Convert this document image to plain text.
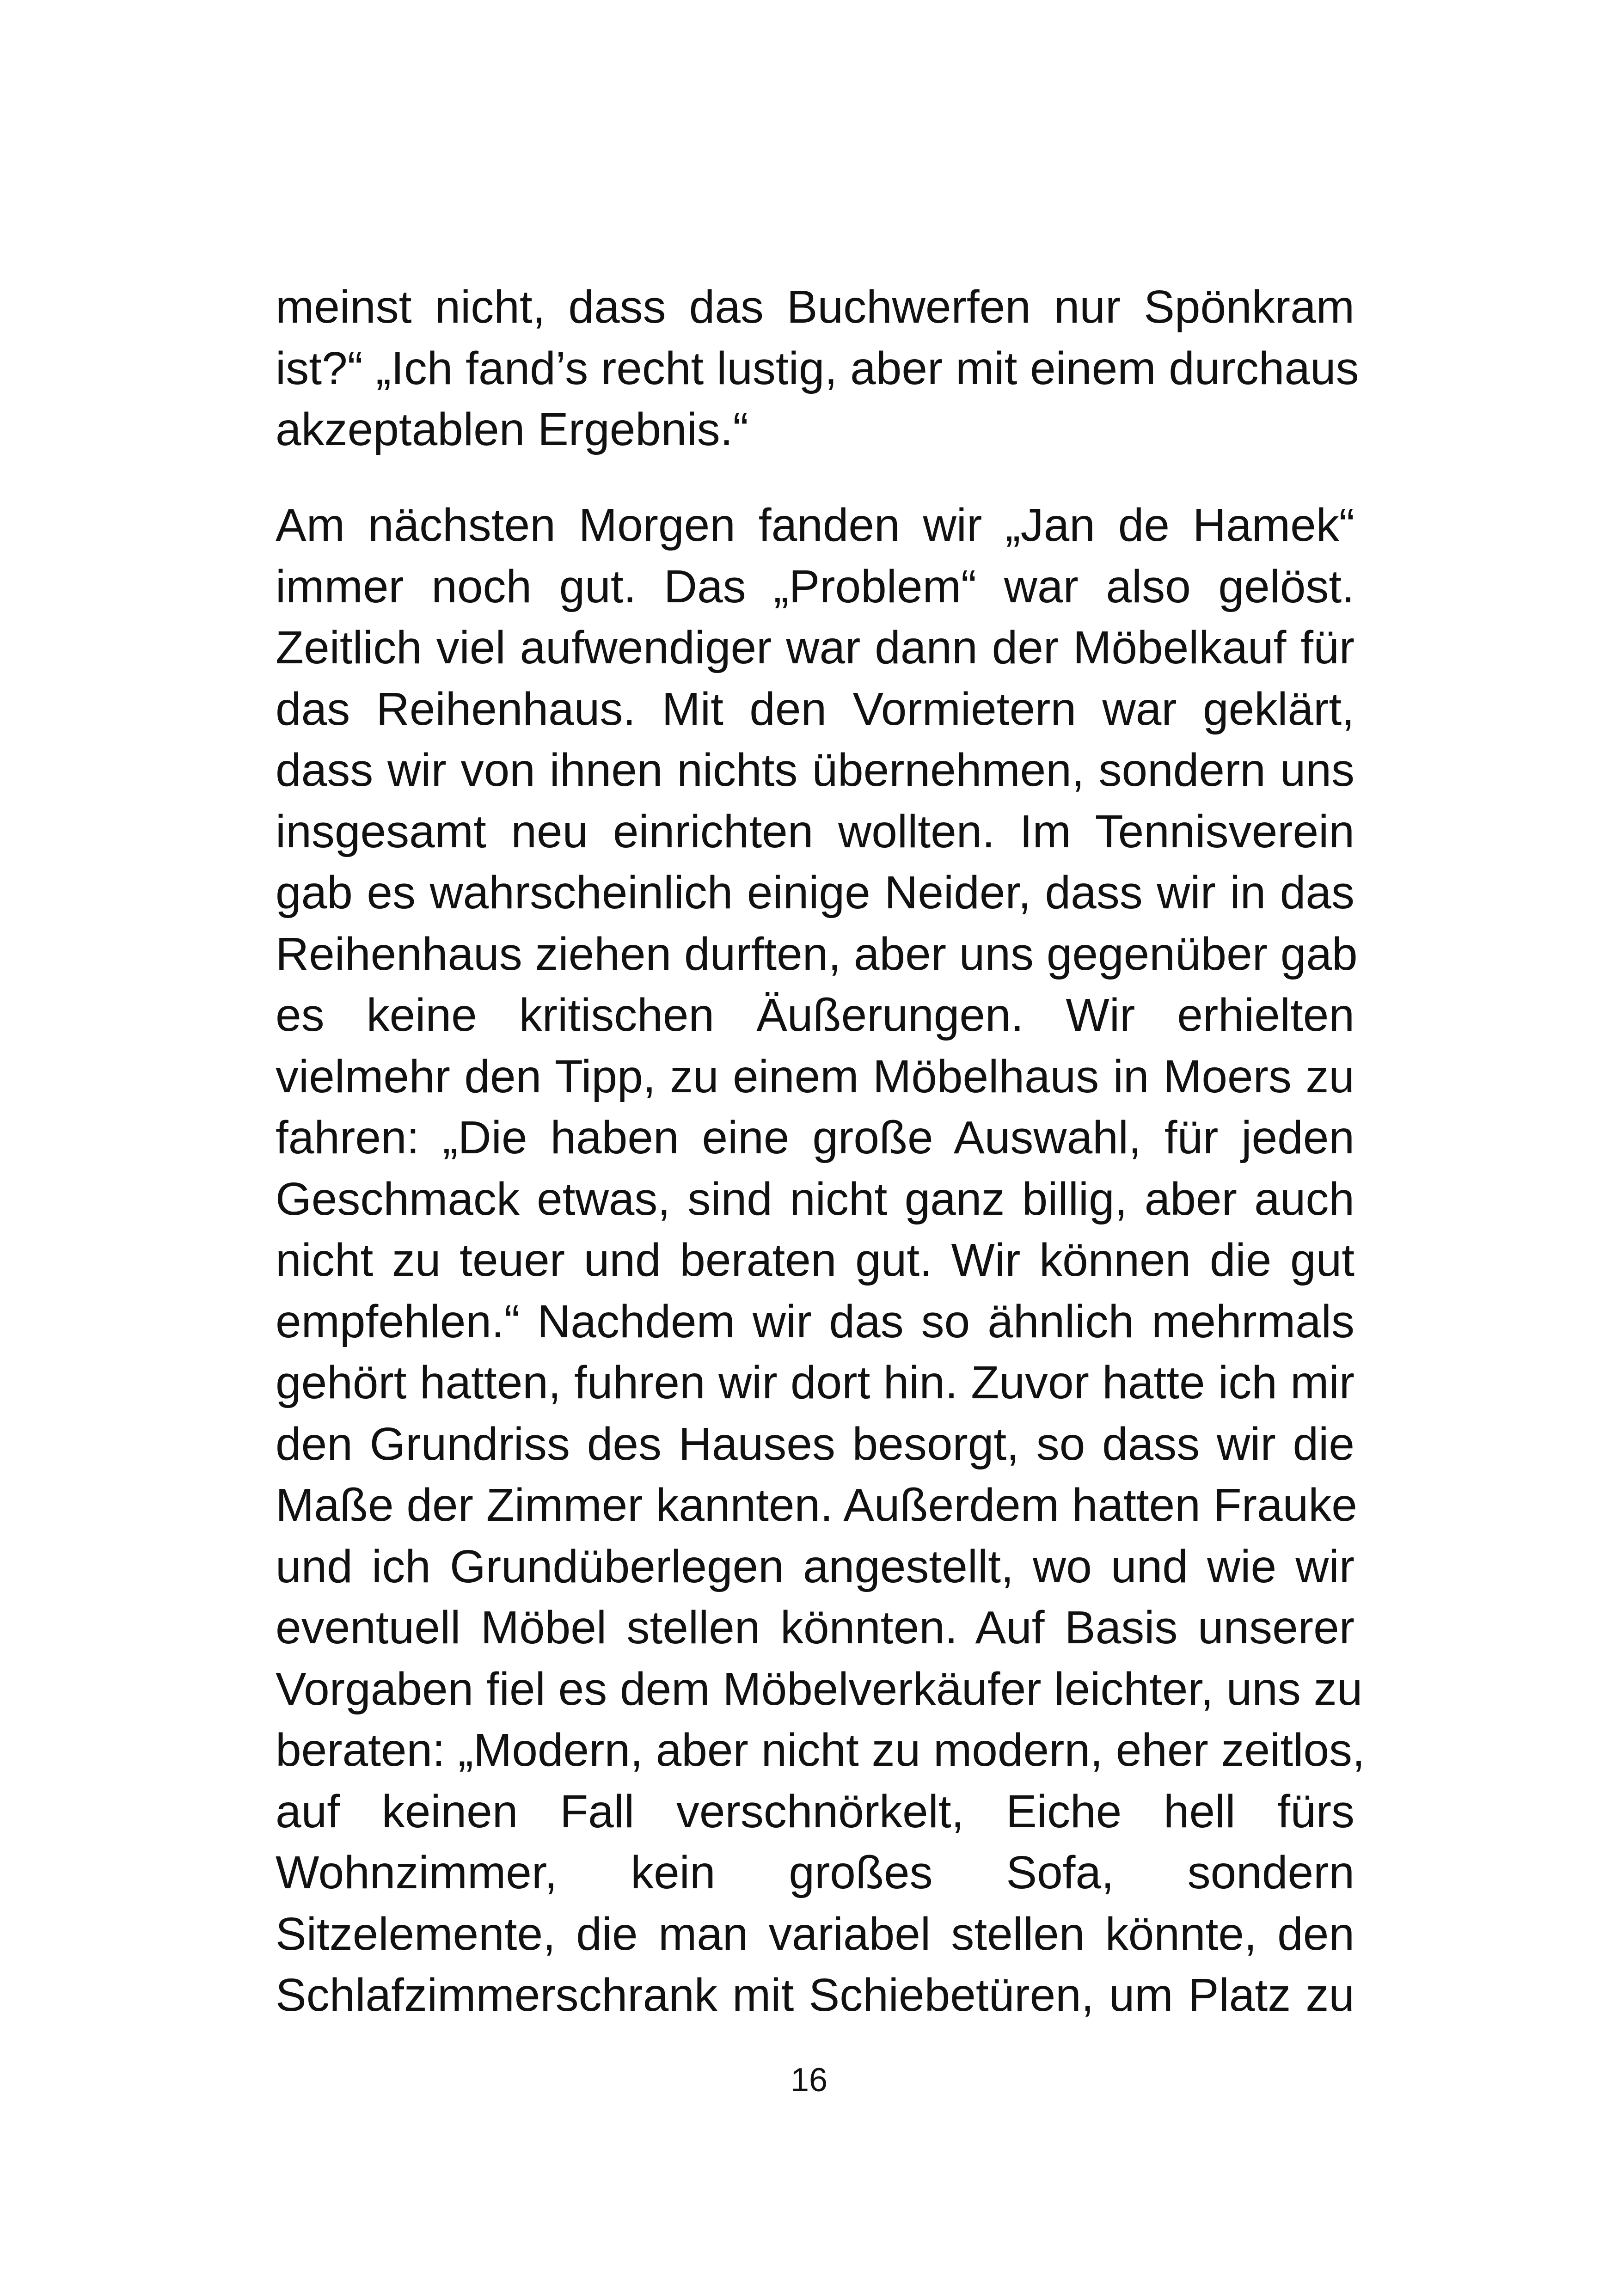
meinst nicht, dass das Buchwerfen nur Spönkram
ist?“ „Ich fand’s recht lustig, aber mit einem durchaus
akzeptablen Ergebnis.“
Am nächsten Morgen fanden wir „Jan de Hamek“
immer noch gut. Das „Problem“ war also gelöst.
Zeitlich viel aufwendiger war dann der Möbelkauf für
das Reihenhaus. Mit den Vormietern war geklärt,
dass wir von ihnen nichts übernehmen, sondern uns
insgesamt neu einrichten wollten. Im Tennisverein
gab es wahrscheinlich einige Neider, dass wir in das
Reihenhaus ziehen durften, aber uns gegenüber gab
es keine kritischen Äußerungen. Wir erhielten
vielmehr den Tipp, zu einem Möbelhaus in Moers zu
fahren: „Die haben eine große Auswahl, für jeden
Geschmack etwas, sind nicht ganz billig, aber auch
nicht zu teuer und beraten gut. Wir können die gut
empfehlen.“ Nachdem wir das so ähnlich mehrmals
gehört hatten, fuhren wir dort hin. Zuvor hatte ich mir
den Grundriss des Hauses besorgt, so dass wir die
Maße der Zimmer kannten. Außerdem hatten Frauke
und ich Grundüberlegen angestellt, wo und wie wir
eventuell Möbel stellen könnten. Auf Basis unserer
Vorgaben fiel es dem Möbelverkäufer leichter, uns zu
beraten: „Modern, aber nicht zu modern, eher zeitlos,
auf keinen Fall verschnörkelt, Eiche hell fürs
Wohnzimmer, kein großes Sofa, sondern
Sitzelemente, die man variabel stellen könnte, den
Schlafzimmerschrank mit Schiebetüren, um Platz zu
16
